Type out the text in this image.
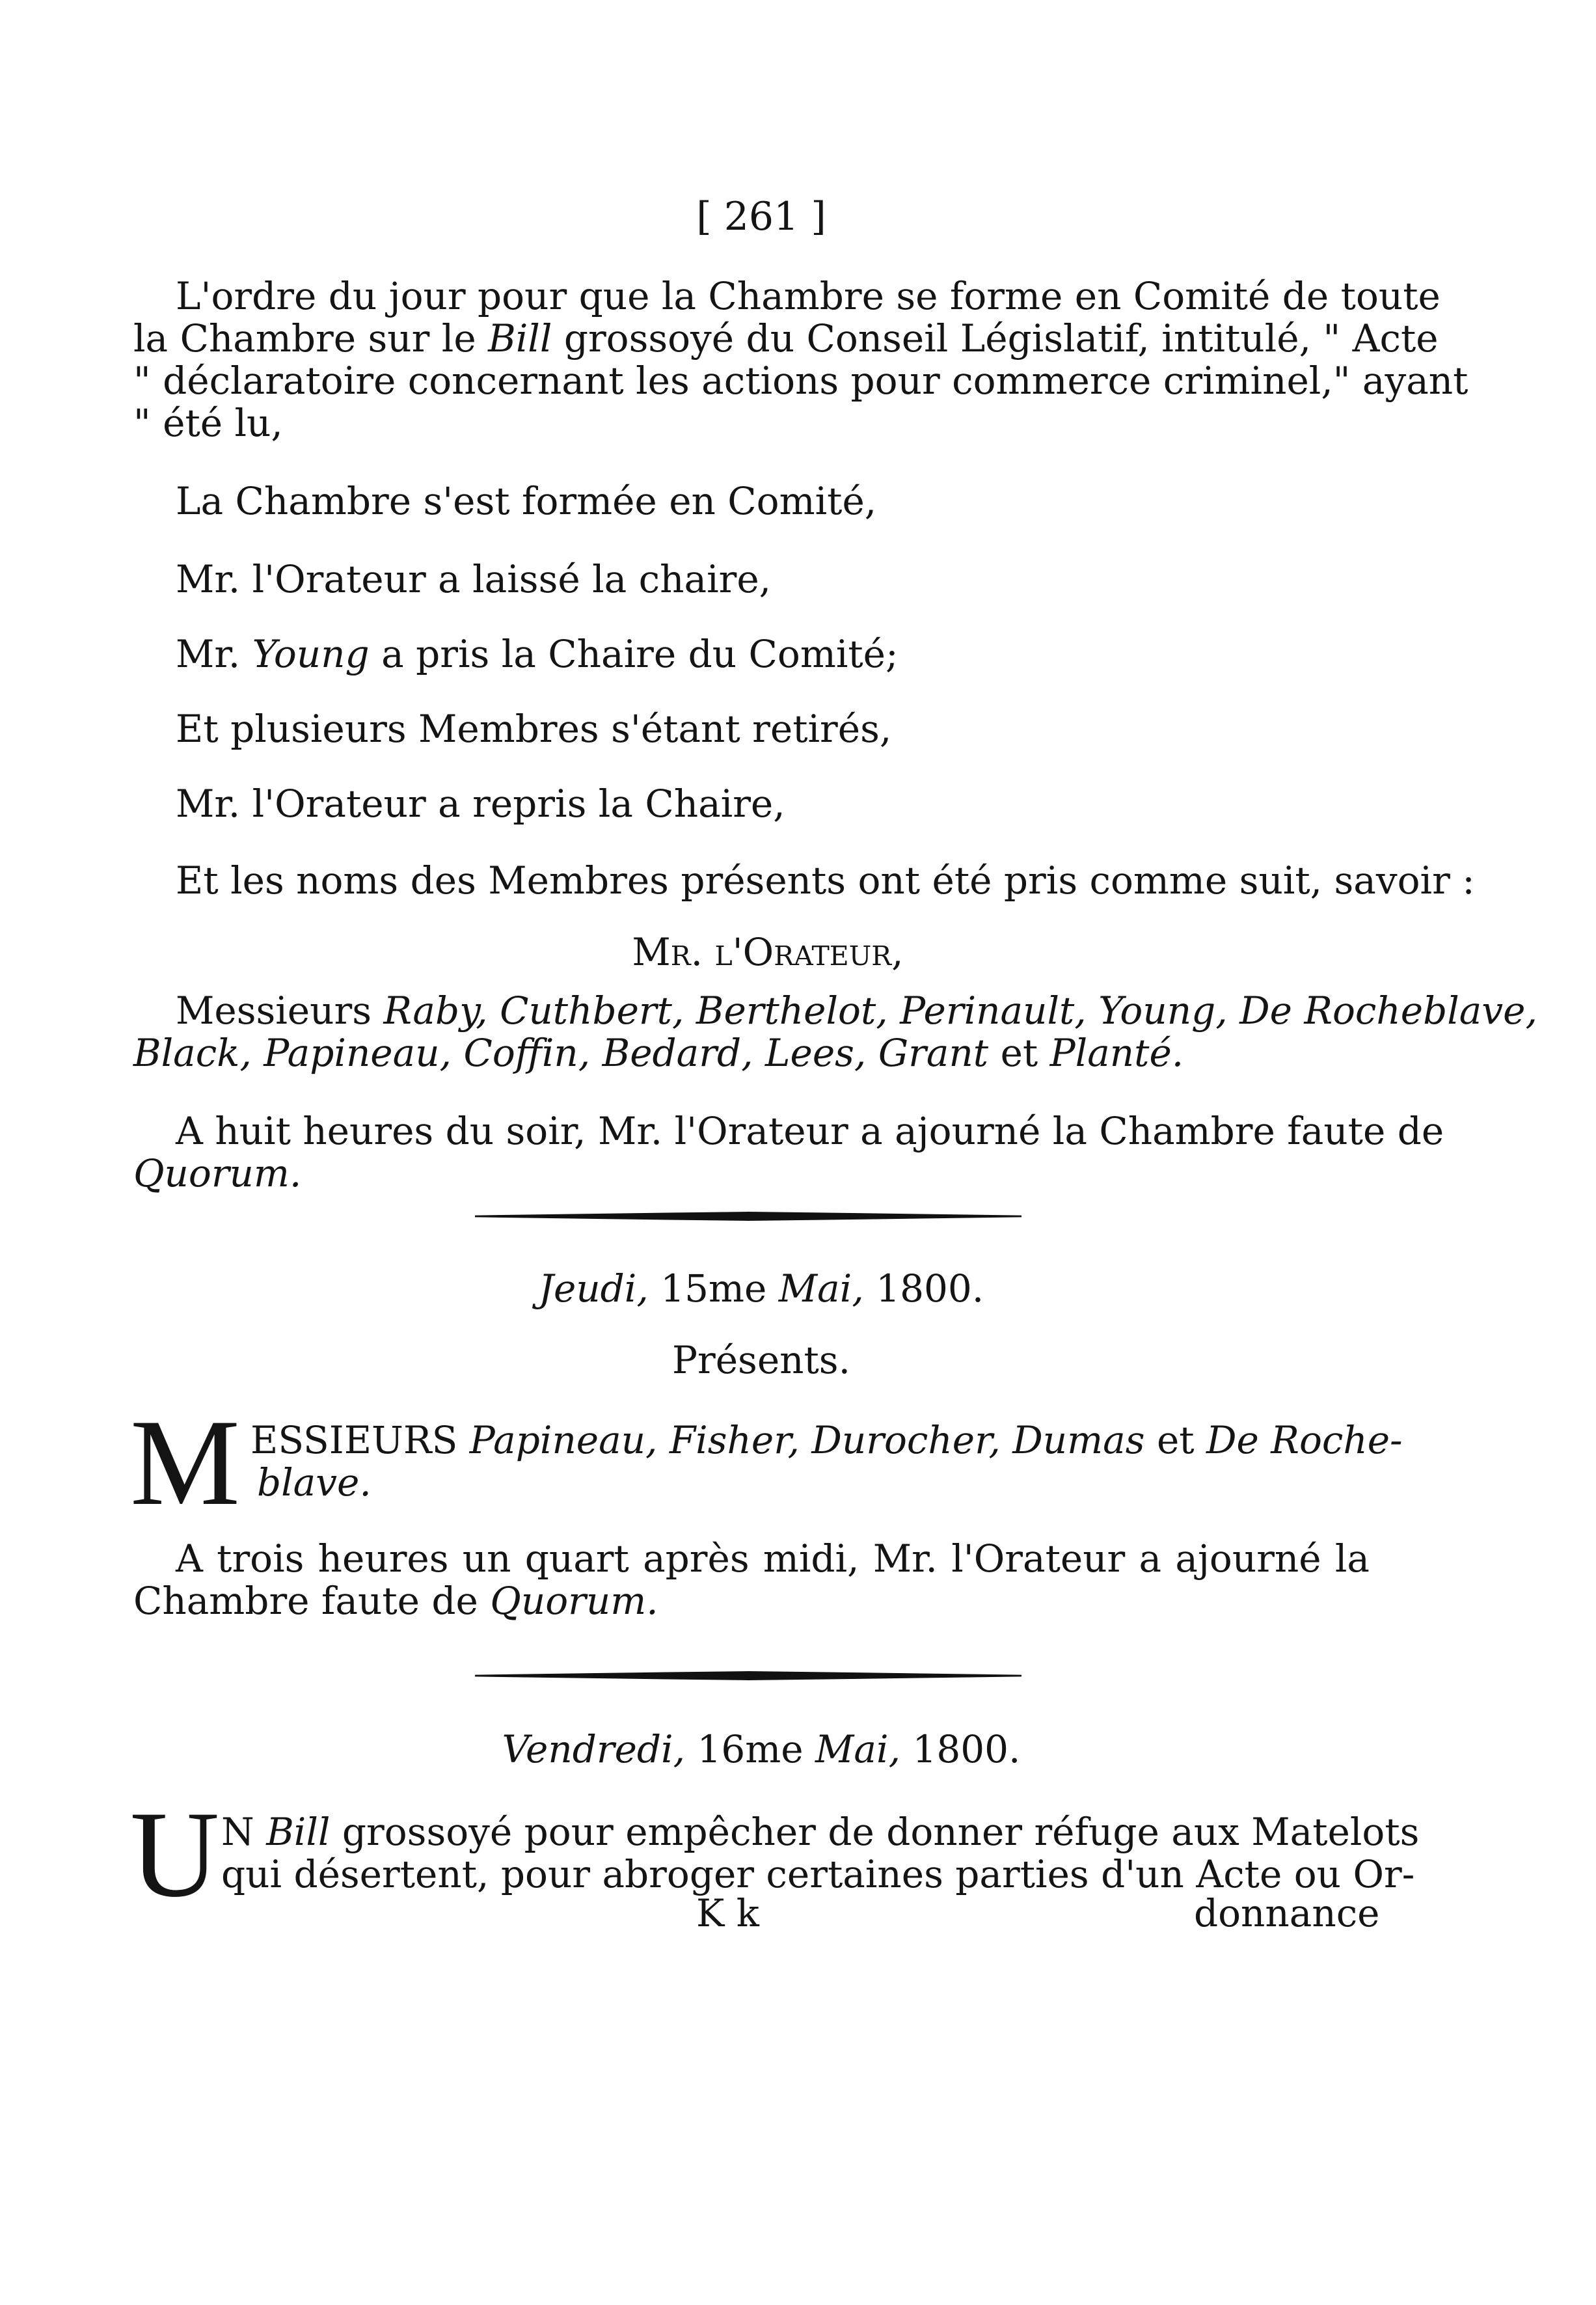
[ 261 ]
L'ordre du jour pour que la Chambre se forme en Comité de toute
la Chambre sur le Bill grossoyé du Conseil Législatif, intitulé, " Acte
" déclaratoire concernant les actions pour commerce criminel," ayant
" été lu,
La Chambre s'est formée en Comité,
Mr. l'Orateur a laissé la chaire,
Mr. Young a pris la Chaire du Comité;
Et plusieurs Membres s'étant retirés,
Mr. l'Orateur a repris la Chaire,
Et les noms des Membres présents ont été pris comme suit, savoir :
Mr. l'Orateur,
Messieurs Raby, Cuthbert, Berthelot, Perinault, Young, De Rocheblave,
Black, Papineau, Coffin, Bedard, Lees, Grant et Planté.
A huit heures du soir, Mr. l'Orateur a ajourné la Chambre faute de
Quorum.
Jeudi, 15me Mai, 1800.
Présents.
M ESSIEURS Papineau, Fisher, Durocher, Dumas et De Roche-
blave.
A trois heures un quart après midi, Mr. l'Orateur a ajourné la
Chambre faute de Quorum.
Vendredi, 16me Mai, 1800.
U N Bill grossoyé pour empêcher de donner réfuge aux Matelots
qui désertent, pour abroger certaines parties d'un Acte ou Or-
K k	donnance
